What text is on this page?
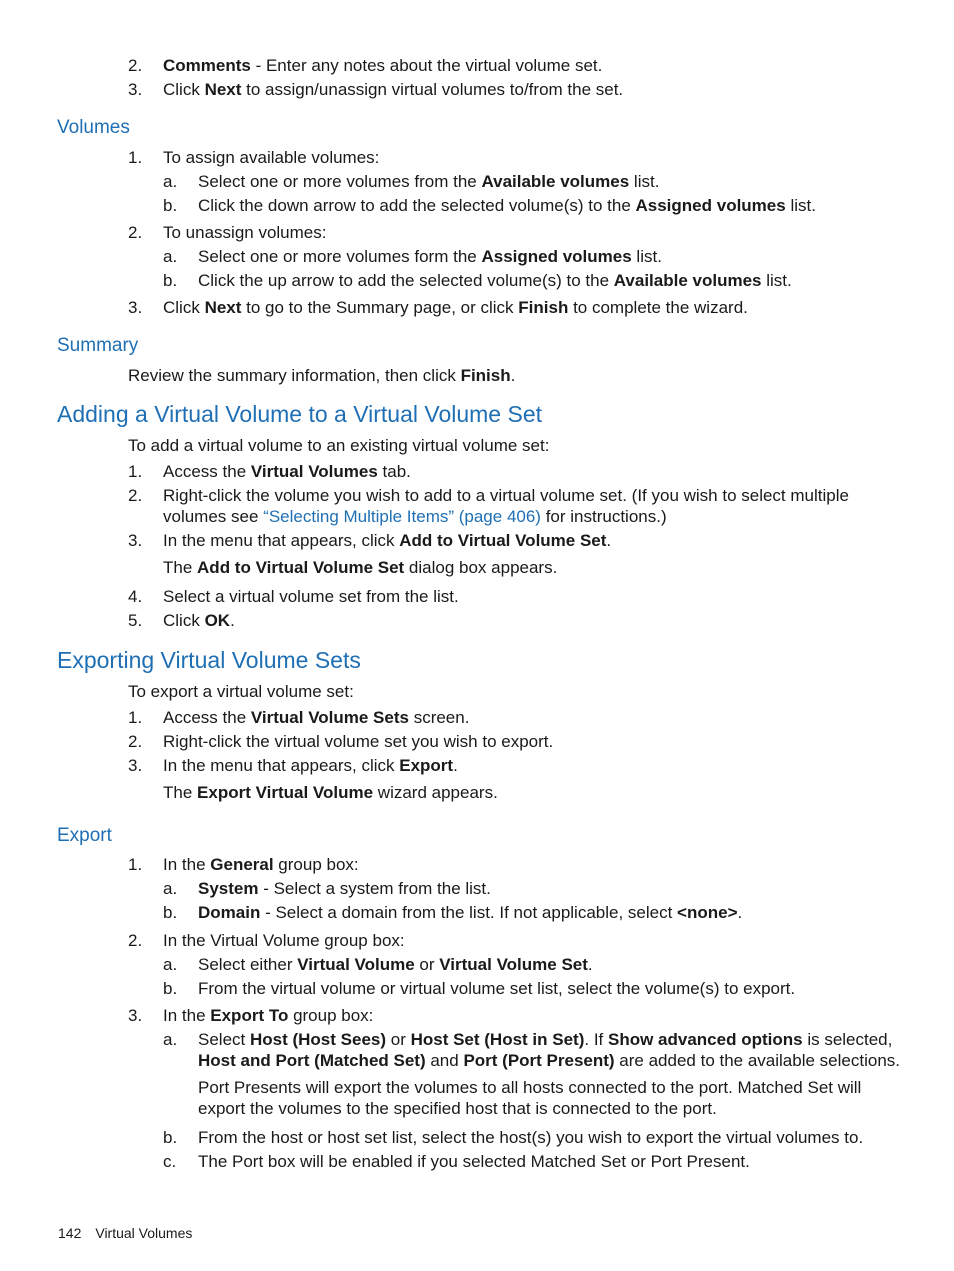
2. Comments - Enter any notes about the virtual volume set.
3. Click Next to assign/unassign virtual volumes to/from the set.
Volumes
1. To assign available volumes:
a. Select one or more volumes from the Available volumes list.
b. Click the down arrow to add the selected volume(s) to the Assigned volumes list.
2. To unassign volumes:
a. Select one or more volumes form the Assigned volumes list.
b. Click the up arrow to add the selected volume(s) to the Available volumes list.
3. Click Next to go to the Summary page, or click Finish to complete the wizard.
Summary
Review the summary information, then click Finish.
Adding a Virtual Volume to a Virtual Volume Set
To add a virtual volume to an existing virtual volume set:
1. Access the Virtual Volumes tab.
2. Right-click the volume you wish to add to a virtual volume set. (If you wish to select multiple
volumes see “Selecting Multiple Items” (page 406) for instructions.)
3. In the menu that appears, click Add to Virtual Volume Set.
The Add to Virtual Volume Set dialog box appears.
4. Select a virtual volume set from the list.
5. Click OK.
Exporting Virtual Volume Sets
To export a virtual volume set:
1. Access the Virtual Volume Sets screen.
2. Right-click the virtual volume set you wish to export.
3. In the menu that appears, click Export.
The Export Virtual Volume wizard appears.
Export
1. In the General group box:
a. System - Select a system from the list.
b. Domain - Select a domain from the list. If not applicable, select <none>.
2. In the Virtual Volume group box:
a. Select either Virtual Volume or Virtual Volume Set.
b. From the virtual volume or virtual volume set list, select the volume(s) to export.
3. In the Export To group box:
a. Select Host (Host Sees) or Host Set (Host in Set). If Show advanced options is selected,
Host and Port (Matched Set) and Port (Port Present) are added to the available selections.
Port Presents will export the volumes to all hosts connected to the port. Matched Set will
export the volumes to the specified host that is connected to the port.
b. From the host or host set list, select the host(s) you wish to export the virtual volumes to.
c. The Port box will be enabled if you selected Matched Set or Port Present.
142 Virtual Volumes
